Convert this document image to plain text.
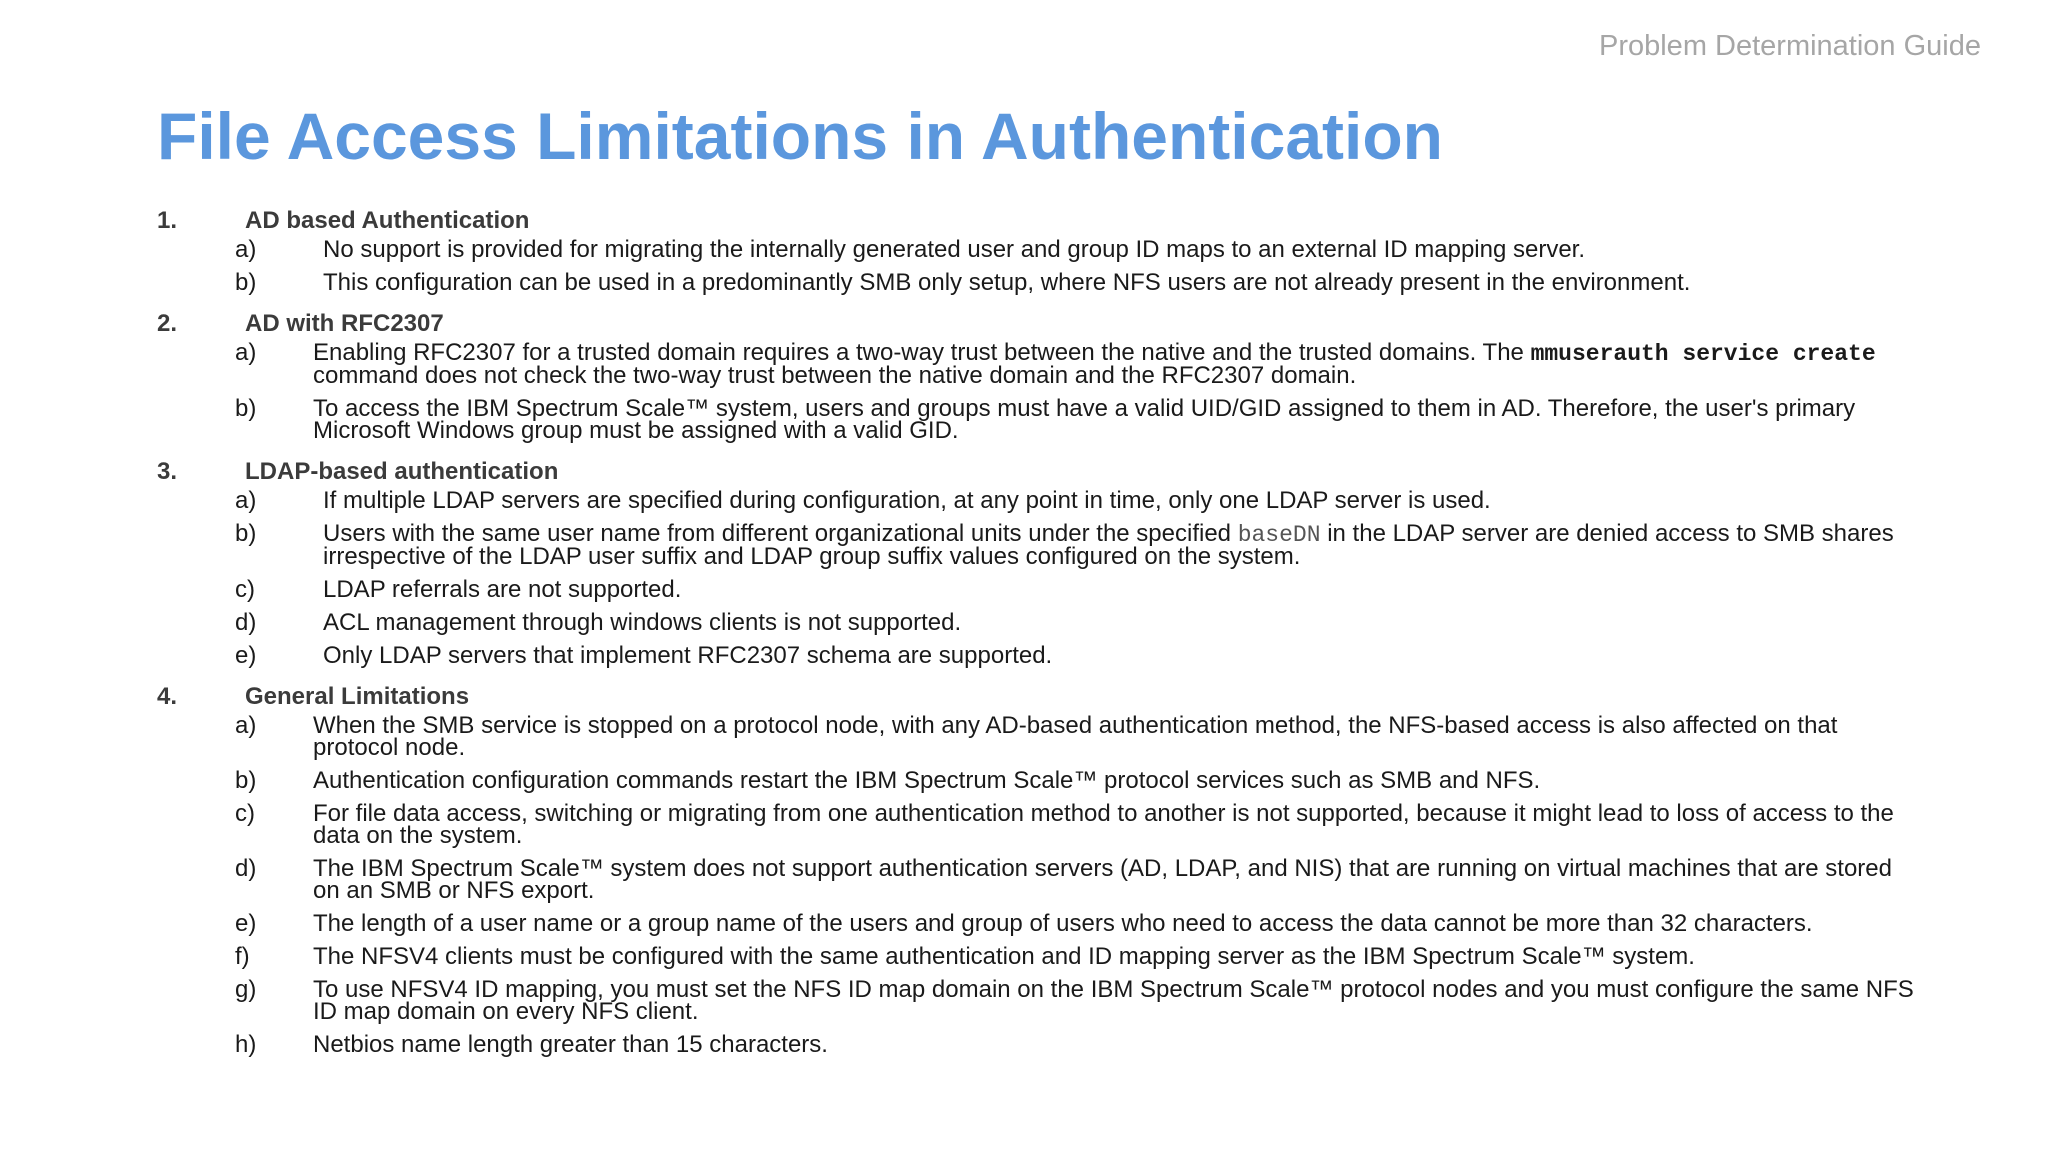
Problem Determination Guide
File Access Limitations in Authentication
1.	AD based Authentication
a)	No support is provided for migrating the internally generated user and group ID maps to an external ID mapping server.
b)	This configuration can be used in a predominantly SMB only setup, where NFS users are not already present in the environment.
2.	AD with RFC2307
a)	Enabling RFC2307 for a trusted domain requires a two-way trust between the native and the trusted domains. The mmuserauth service create command does not check the two-way trust between the native domain and the RFC2307 domain.
b)	To access the IBM Spectrum Scale™ system, users and groups must have a valid UID/GID assigned to them in AD. Therefore, the user's primary Microsoft Windows group must be assigned with a valid GID.
3.	LDAP-based authentication
a)	If multiple LDAP servers are specified during configuration, at any point in time, only one LDAP server is used.
b)	Users with the same user name from different organizational units under the specified baseDN in the LDAP server are denied access to SMB shares irrespective of the LDAP user suffix and LDAP group suffix values configured on the system.
c)	LDAP referrals are not supported.
d)	ACL management through windows clients is not supported.
e)	Only LDAP servers that implement RFC2307 schema are supported.
4.	General Limitations
a)	When the SMB service is stopped on a protocol node, with any AD-based authentication method, the NFS-based access is also affected on that protocol node.
b)	Authentication configuration commands restart the IBM Spectrum Scale™ protocol services such as SMB and NFS.
c)	For file data access, switching or migrating from one authentication method to another is not supported, because it might lead to loss of access to the data on the system.
d)	The IBM Spectrum Scale™ system does not support authentication servers (AD, LDAP, and NIS) that are running on virtual machines that are stored on an SMB or NFS export.
e)	The length of a user name or a group name of the users and group of users who need to access the data cannot be more than 32 characters.
f)	The NFSV4 clients must be configured with the same authentication and ID mapping server as the IBM Spectrum Scale™ system.
g)	To use NFSV4 ID mapping, you must set the NFS ID map domain on the IBM Spectrum Scale™ protocol nodes and you must configure the same NFS ID map domain on every NFS client.
h)	Netbios name length greater than 15 characters.
